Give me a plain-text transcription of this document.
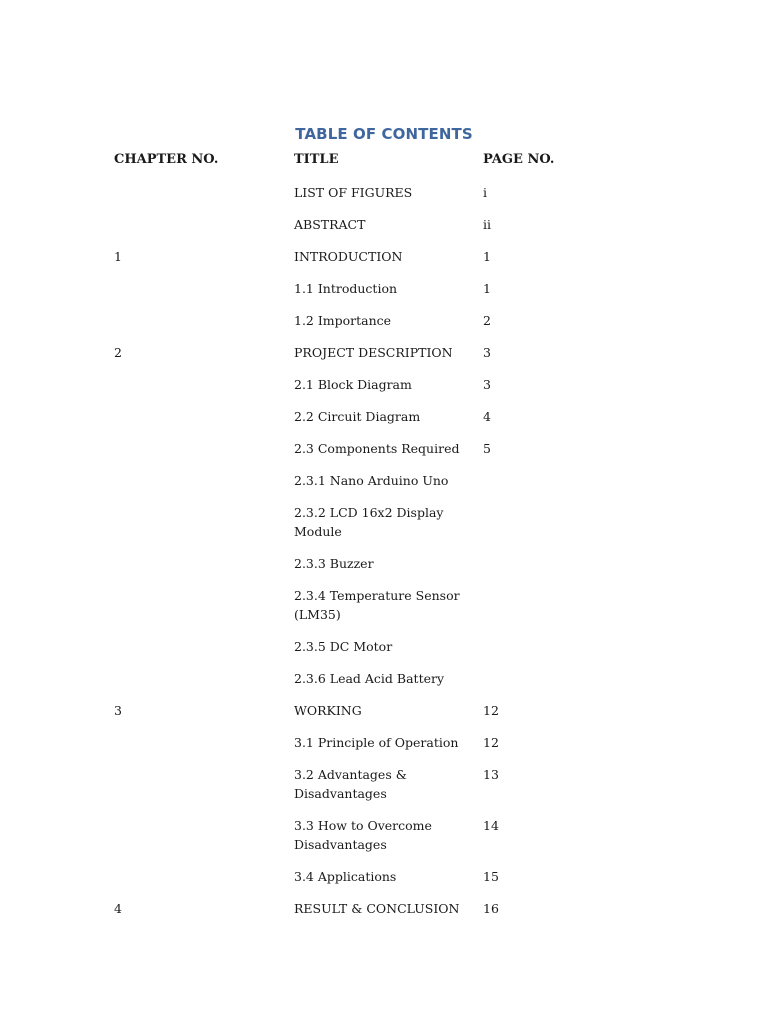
TABLE OF CONTENTS
CHAPTER NO.	TITLE	PAGE NO.
	LIST OF FIGURES	i
	ABSTRACT	ii
1	INTRODUCTION	1
	1.1 Introduction	1
	1.2 Importance	2
2	PROJECT DESCRIPTION	3
	2.1 Block Diagram	3
	2.2 Circuit Diagram	4
	2.3 Components Required	5
	2.3.1 Nano Arduino Uno	
	2.3.2 LCD 16x2 Display Module	
	2.3.3 Buzzer	
	2.3.4 Temperature Sensor (LM35)	
	2.3.5 DC Motor	
	2.3.6 Lead Acid Battery	
3	WORKING	12
	3.1 Principle of Operation	12
	3.2 Advantages & Disadvantages	13
	3.3 How to Overcome Disadvantages	14
	3.4 Applications	15
4	RESULT & CONCLUSION	16
